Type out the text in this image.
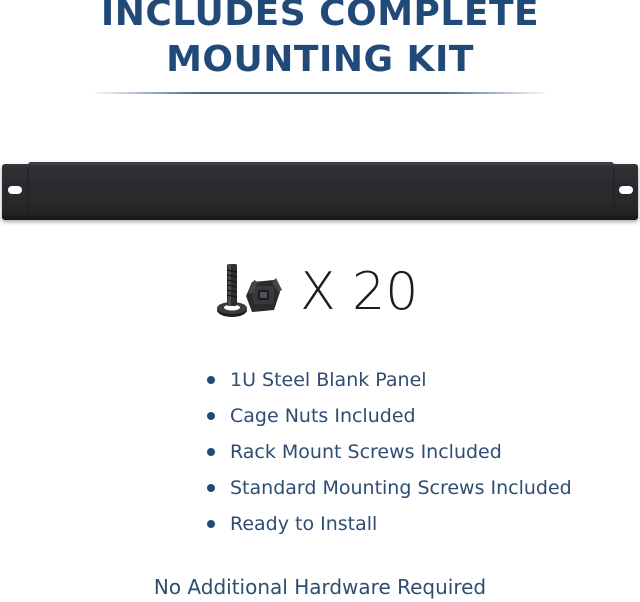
INCLUDES COMPLETE
MOUNTING KIT
X 20
1U Steel Blank Panel
Cage Nuts Included
Rack Mount Screws Included
Standard Mounting Screws Included
Ready to Install
No Additional Hardware Required
